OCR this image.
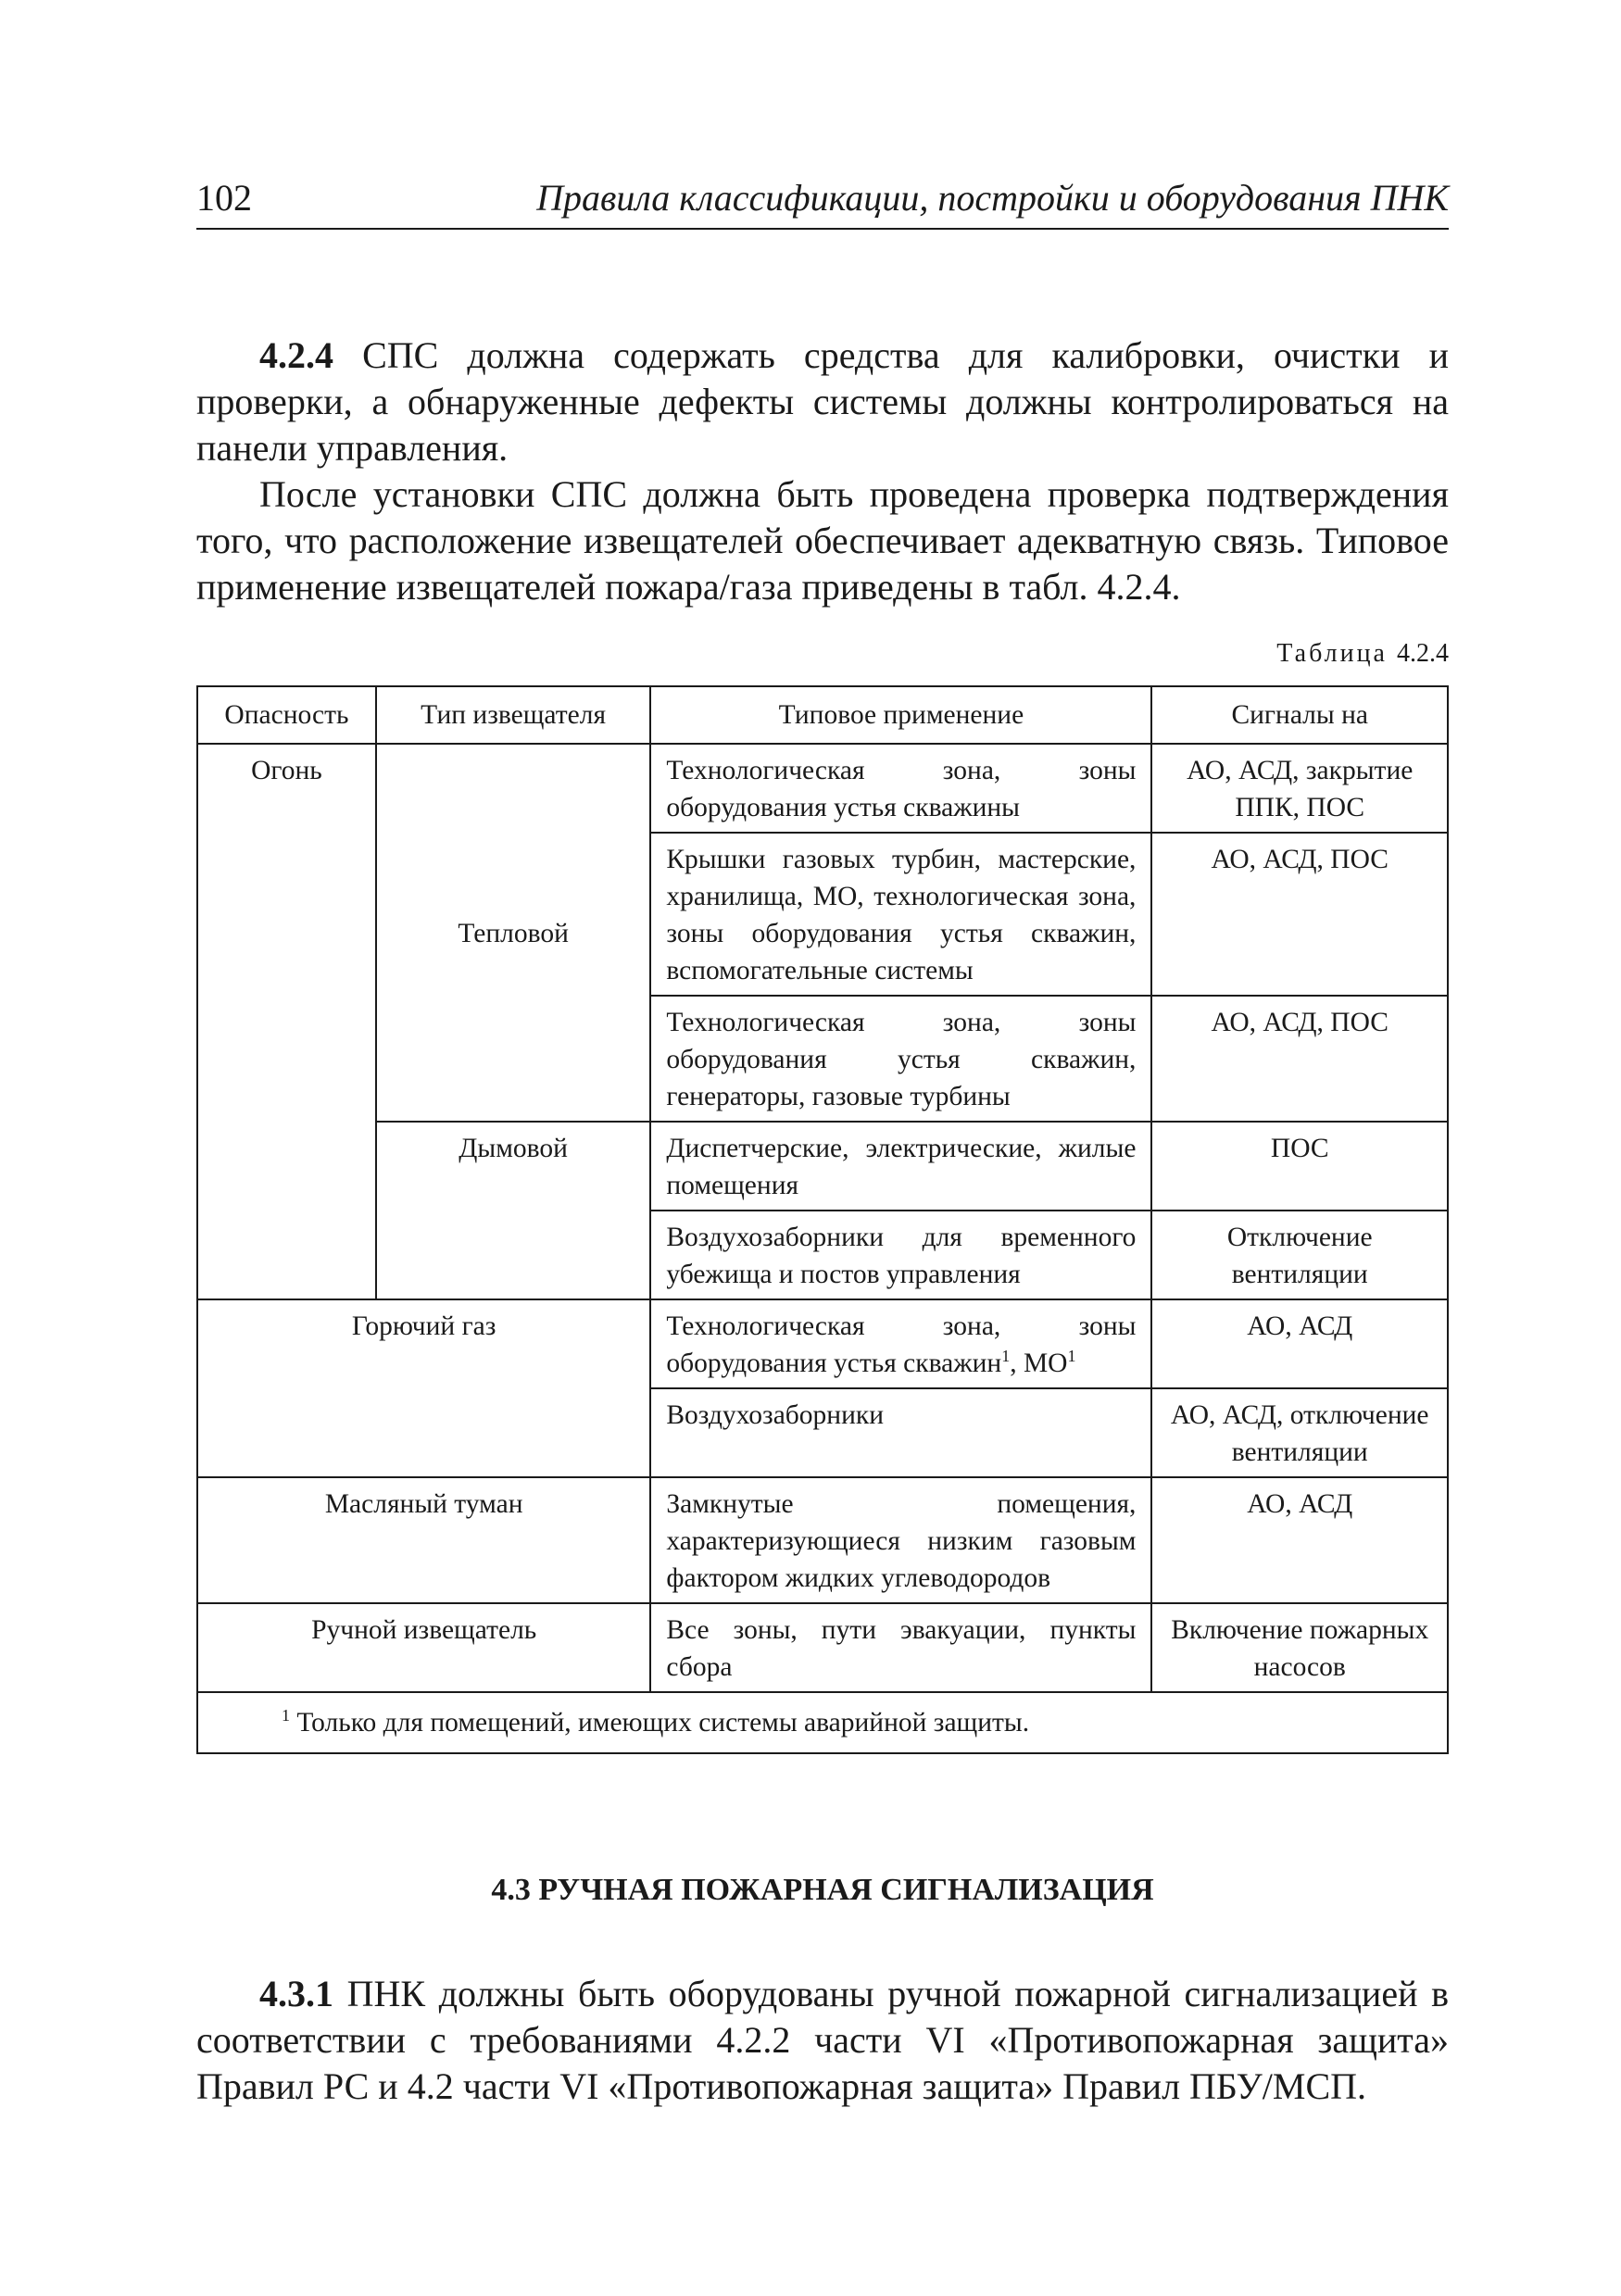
102	Правила классификации, постройки и оборудования ПНК

4.2.4 СПС должна содержать средства для калибровки, очистки и проверки, а обнаруженные дефекты системы должны контролироваться на панели управления.

После установки СПС должна быть проведена проверка подтверждения того, что расположение извещателей обеспечивает адекватную связь. Типовое применение извещателей пожара/газа приведены в табл. 4.2.4.

Таблица 4.2.4
Опасность	Тип извещателя	Типовое применение	Сигналы на
Огонь	Тепловой	Технологическая зона, зоны оборудования устья скважины	АО, АСД, закрытие ППК, ПОС
		Крышки газовых турбин, мастерские, хранилища, МО, технологическая зона, зоны оборудования устья скважин, вспомогательные системы	АО, АСД, ПОС
		Технологическая зона, зоны оборудования устья скважин, генераторы, газовые турбины	АО, АСД, ПОС
	Дымовой	Диспетчерские, электрические, жилые помещения	ПОС
		Воздухозаборники для временного убежища и постов управления	Отключение вентиляции
Горючий газ		Технологическая зона, зоны оборудования устья скважин$^1$, $МО^1$	АО, АСД
		Воздухозаборники	АО, АСД, отключение вентиляции
Масляный туман		Замкнутые помещения, характеризующиеся низким газовым фактором жидких углеводородов	АО, АСД
Ручной извещатель		Все зоны, пути эвакуации, пункты сбора	Включение пожарных насосов
$^1$ Только для помещений, имеющих системы аварийной защиты.			
4.3 РУЧНАЯ ПОЖАРНАЯ СИГНАЛИЗАЦИЯ

4.3.1 ПНК должны быть оборудованы ручной пожарной сигнализацией в соответствии с требованиями 4.2.2 части VI «Противопожарная защита» Правил РС и 4.2 части VI «Противопожарная защита» Правил ПБУ/МСП.
